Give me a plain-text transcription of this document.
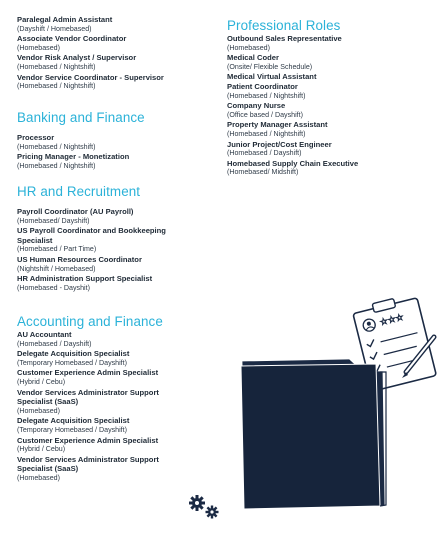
Paralegal Admin Assistant
(Dayshift / Homebased)
Associate Vendor Coordinator
(Homebased)
Vendor Risk Analyst / Supervisor
(Homebased / Nightshift)
Vendor Service Coordinator - Supervisor
(Homebased / Nightshift)
Banking and Finance
Processor
(Homebased / Nightshift)
Pricing Manager - Monetization
(Homebased / Nightshift)
HR and Recruitment
Payroll Coordinator (AU Payroll)
(Homebased/ Dayshift)
US Payroll Coordinator and Bookkeeping Specialist
(Homebased / Part Time)
US Human Resources Coordinator
(Nightshift / Homebased)
HR Administration Support Specialist
(Homebased - Dayshit)
Accounting and Finance
AU Accountant
(Homebased / Dayshift)
Delegate Acquisition Specialist
(Temporary Homebased / Dayshift)
Customer Experience Admin Specialist
(Hybrid / Cebu)
Vendor Services Administrator Support Specialist (SaaS)
(Homebased)
Delegate Acquisition Specialist
(Temporary Homebased / Dayshift)
Customer Experience Admin Specialist
(Hybrid / Cebu)
Vendor Services Administrator Support Specialist (SaaS)
(Homebased)
Professional Roles
Outbound Sales Representative
(Homebased)
Medical Coder
(Onsite/ Flexible Schedule)
Medical Virtual Assistant
Patient Coordinator
(Homebased / Nightshift)
Company Nurse
(Office based / Dayshift)
Property Manager Assistant
(Homebased / Nightshift)
Junior Project/Cost Engineer
(Homebased / Dayshift)
Homebased Supply Chain Executive
(Homebased/ Midshift)
☆☆☆
